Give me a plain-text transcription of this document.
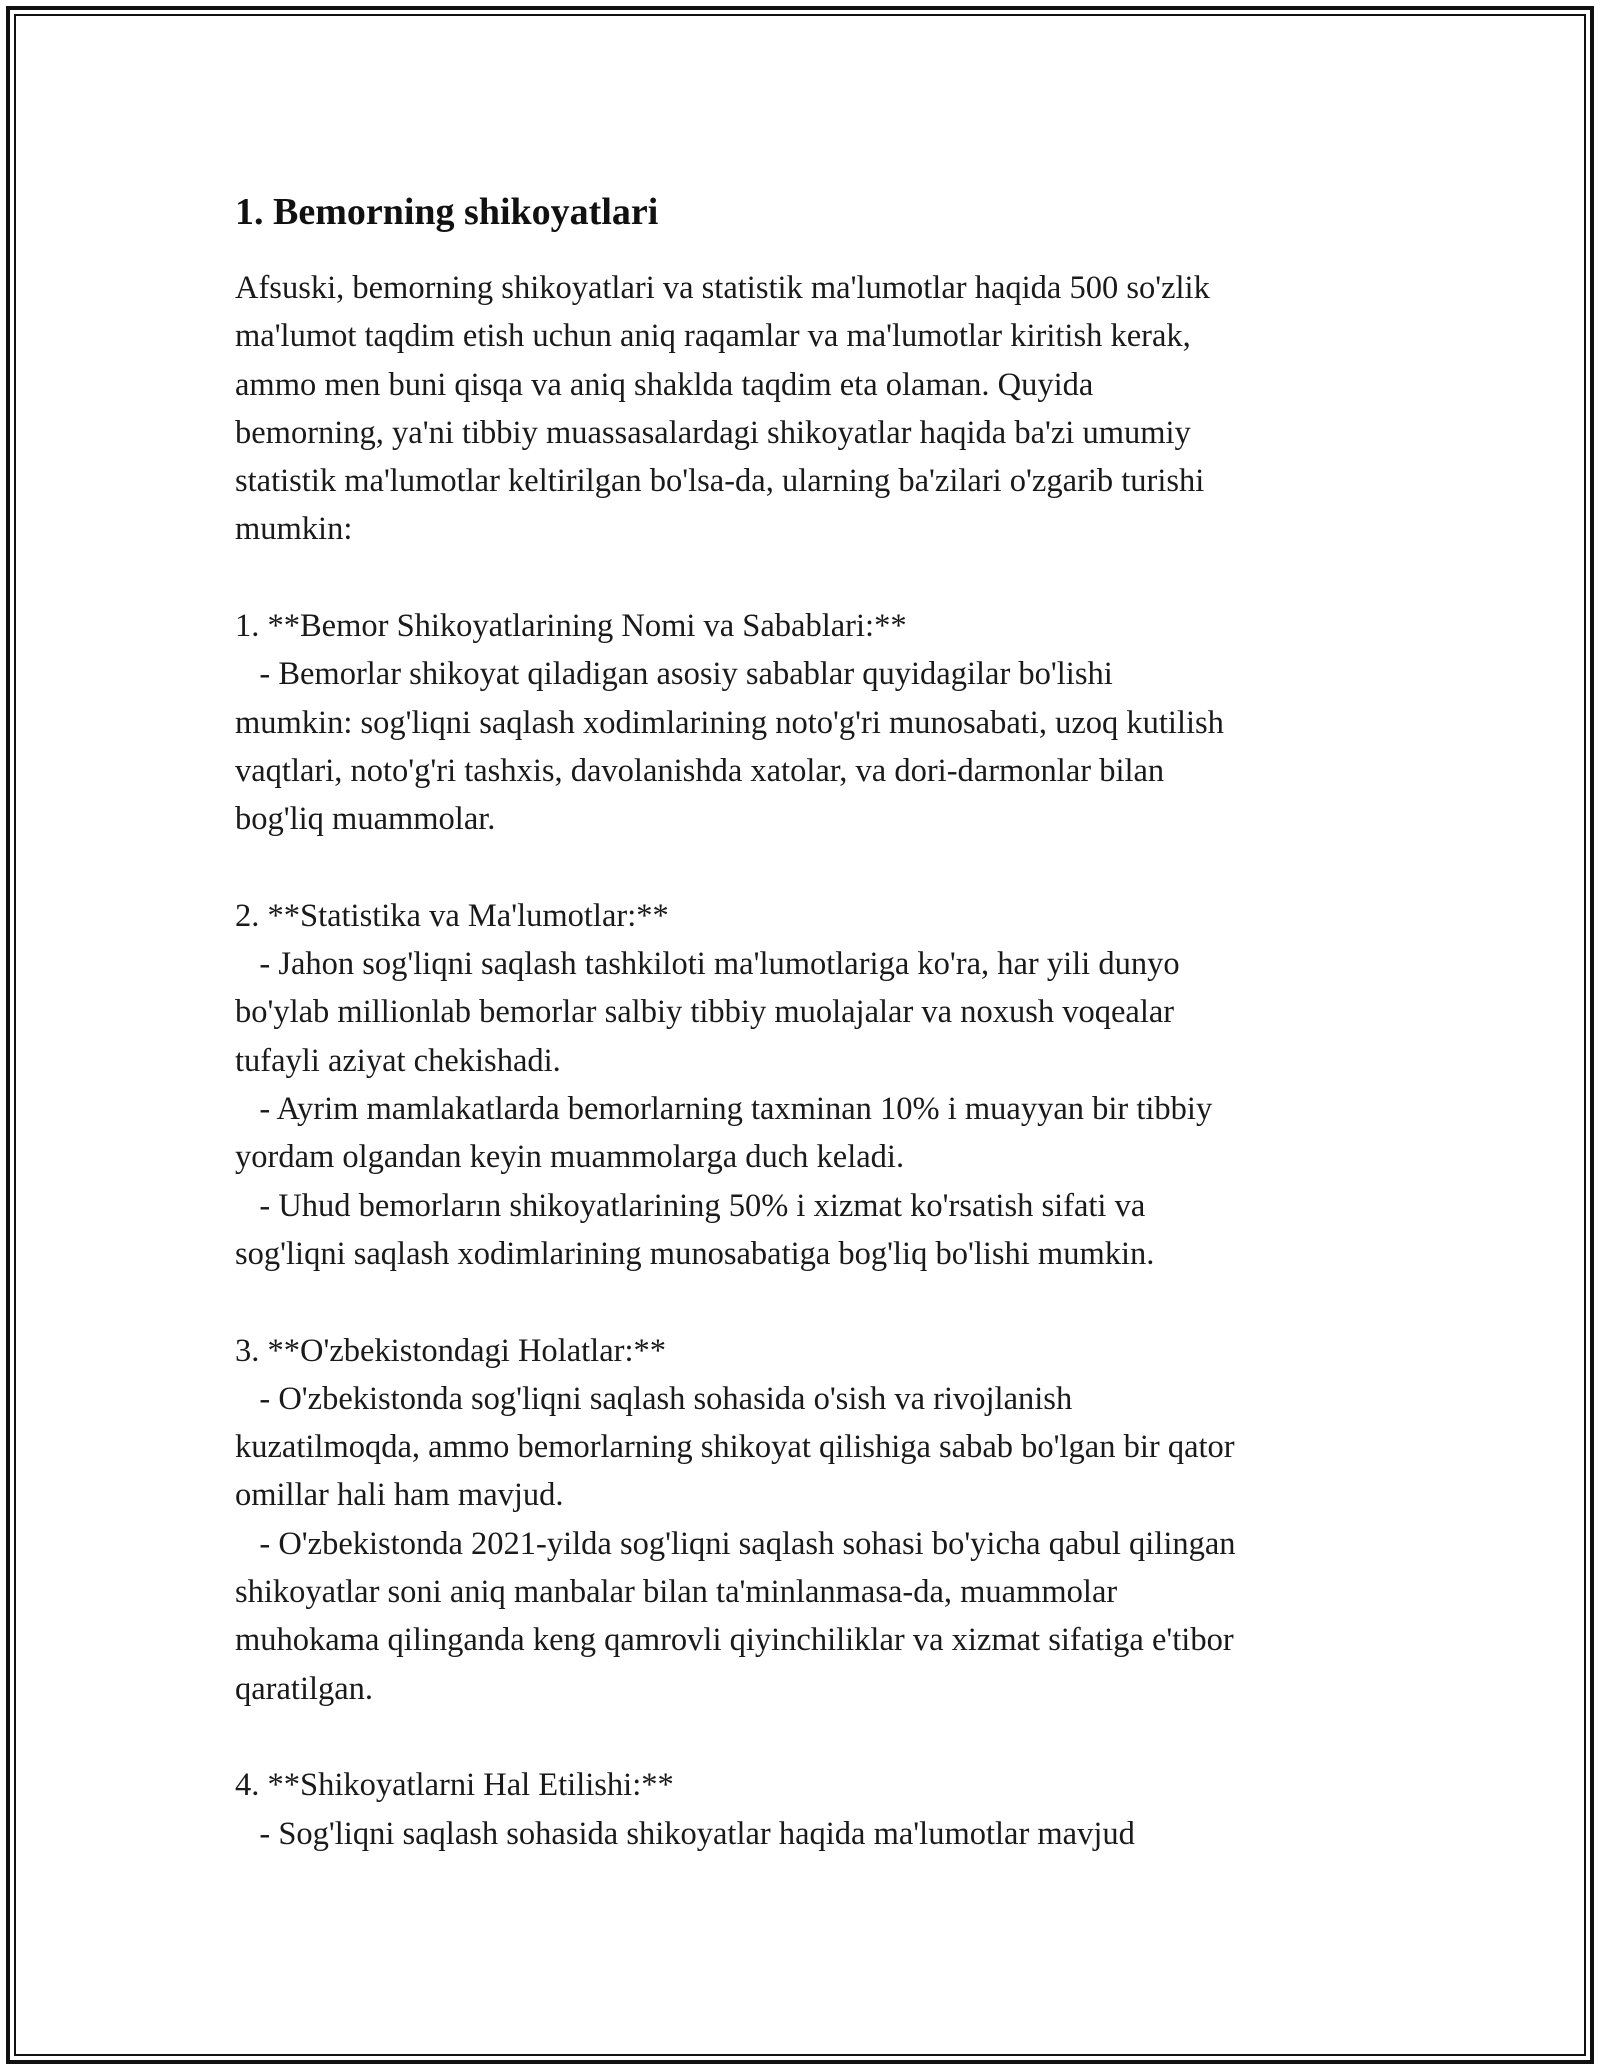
1. Bemorning shikoyatlari
Afsuski, bemorning shikoyatlari va statistik ma'lumotlar haqida 500 so'zlik
ma'lumot taqdim etish uchun aniq raqamlar va ma'lumotlar kiritish kerak,
ammo men buni qisqa va aniq shaklda taqdim eta olaman. Quyida
bemorning, ya'ni tibbiy muassasalardagi shikoyatlar haqida ba'zi umumiy
statistik ma'lumotlar keltirilgan bo'lsa-da, ularning ba'zilari o'zgarib turishi
mumkin:

1. **Bemor Shikoyatlarining Nomi va Sabablari:**
- Bemorlar shikoyat qiladigan asosiy sabablar quyidagilar bo'lishi
mumkin: sog'liqni saqlash xodimlarining noto'g'ri munosabati, uzoq kutilish
vaqtlari, noto'g'ri tashxis, davolanishda xatolar, va dori-darmonlar bilan
bog'liq muammolar.

2. **Statistika va Ma'lumotlar:**
- Jahon sog'liqni saqlash tashkiloti ma'lumotlariga ko'ra, har yili dunyo
bo'ylab millionlab bemorlar salbiy tibbiy muolajalar va noxush voqealar
tufayli aziyat chekishadi.
- Ayrim mamlakatlarda bemorlarning taxminan 10% i muayyan bir tibbiy
yordam olgandan keyin muammolarga duch keladi.
- Uhud bemorların shikoyatlarining 50% i xizmat ko'rsatish sifati va
sog'liqni saqlash xodimlarining munosabatiga bog'liq bo'lishi mumkin.

3. **O'zbekistondagi Holatlar:**
- O'zbekistonda sog'liqni saqlash sohasida o'sish va rivojlanish
kuzatilmoqda, ammo bemorlarning shikoyat qilishiga sabab bo'lgan bir qator
omillar hali ham mavjud.
- O'zbekistonda 2021-yilda sog'liqni saqlash sohasi bo'yicha qabul qilingan
shikoyatlar soni aniq manbalar bilan ta'minlanmasa-da, muammolar
muhokama qilinganda keng qamrovli qiyinchiliklar va xizmat sifatiga e'tibor
qaratilgan.

4. **Shikoyatlarni Hal Etilishi:**
- Sog'liqni saqlash sohasida shikoyatlar haqida ma'lumotlar mavjud
